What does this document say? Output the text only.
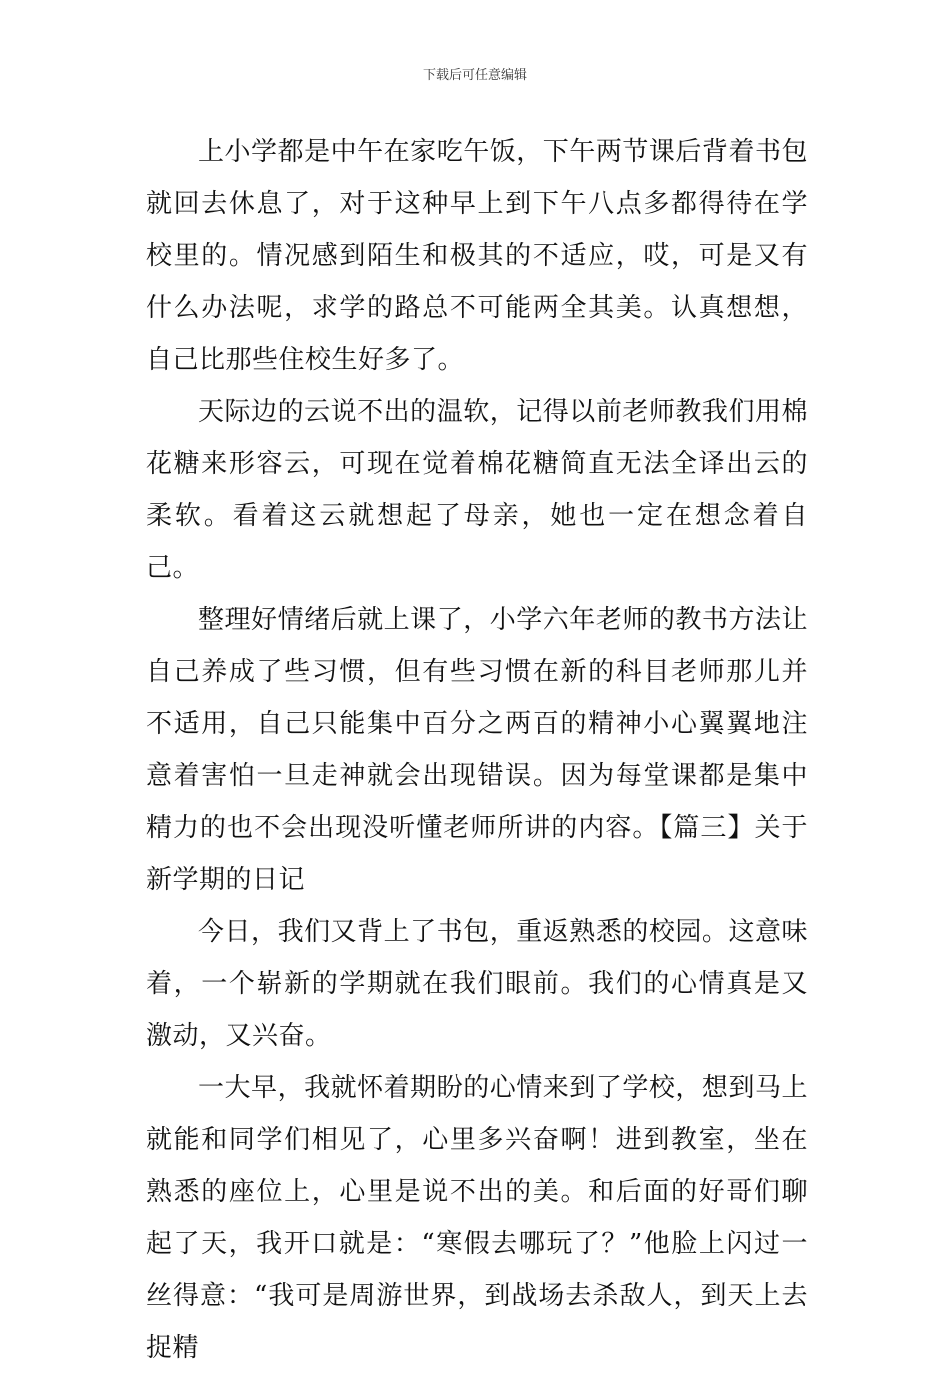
下载后可任意编辑

上小学都是中午在家吃午饭，下午两节课后背着书包就回去休息了，对于这种早上到下午八点多都得待在学校里的。情况感到陌生和极其的不适应，哎，可是又有什么办法呢，求学的路总不可能两全其美。认真想想，自己比那些住校生好多了。

天际边的云说不出的温软，记得以前老师教我们用棉花糖来形容云，可现在觉着棉花糖简直无法全译出云的柔软。看着这云就想起了母亲，她也一定在想念着自己。

整理好情绪后就上课了，小学六年老师的教书方法让自己养成了些习惯，但有些习惯在新的科目老师那儿并不适用，自己只能集中百分之两百的精神小心翼翼地注意着害怕一旦走神就会出现错误。因为每堂课都是集中精力的也不会出现没听懂老师所讲的内容。【篇三】关于新学期的日记

今日，我们又背上了书包，重返熟悉的校园。这意味着，一个崭新的学期就在我们眼前。我们的心情真是又激动，又兴奋。

一大早，我就怀着期盼的心情来到了学校，想到马上就能和同学们相见了，心里多兴奋啊！进到教室，坐在熟悉的座位上，心里是说不出的美。和后面的好哥们聊起了天，我开口就是：“寒假去哪玩了？”他脸上闪过一丝得意：“我可是周游世界，到战场去杀敌人，到天上去捉精
